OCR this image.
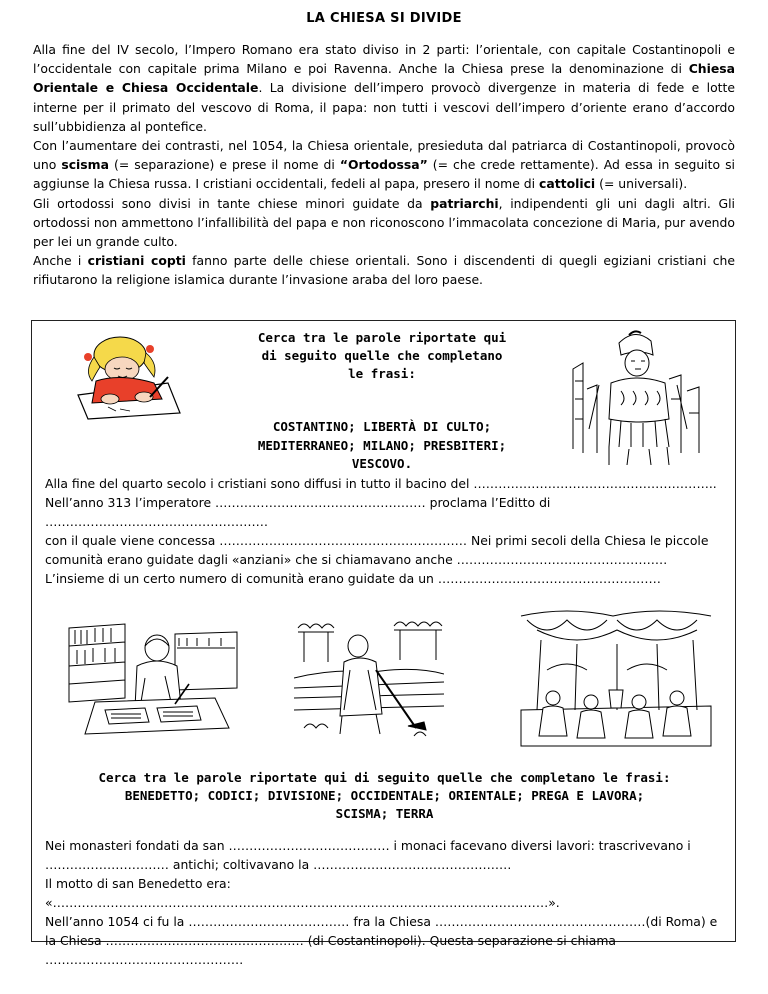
LA CHIESA SI DIVIDE

Alla fine del IV secolo, l’Impero Romano era stato diviso in 2 parti: l’orientale, con capitale Costantinopoli e l’occidentale con capitale prima Milano e poi Ravenna. Anche la Chiesa prese la denominazione di Chiesa Orientale e Chiesa Occidentale. La divisione dell’impero provocò divergenze in materia di fede e lotte interne per il primato del vescovo di Roma, il papa: non tutti i vescovi dell’impero d’oriente erano d’accordo sull’ubbidienza al pontefice.

Con l’aumentare dei contrasti, nel 1054, la Chiesa orientale, presieduta dal patriarca di Costantinopoli, provocò uno scisma (= separazione) e prese il nome di “Ortodossa” (= che crede rettamente). Ad essa in seguito si aggiunse la Chiesa russa. I cristiani occidentali, fedeli al papa, presero il nome di cattolici (= universali).

Gli ortodossi sono divisi in tante chiese minori guidate da patriarchi, indipendenti gli uni dagli altri. Gli ortodossi non ammettono l’infallibilità del papa e non riconoscono l’immacolata concezione di Maria, pur avendo per lei un grande culto.

Anche i cristiani copti fanno parte delle chiese orientali. Sono i discendenti di quegli egiziani cristiani che rifiutarono la religione islamica durante l’invasione araba del loro paese.

Cerca tra le parole riportate qui di seguito quelle che completano le frasi:
COSTANTINO; LIBERTÀ DI CULTO; MEDITERRANEO; MILANO; PRESBITERI; VESCOVO.

Alla fine del quarto secolo i cristiani sono diffusi in tutto il bacino del …………………………………………………..

Nell’anno 313 l’imperatore …………………………………………… proclama l’Editto di ………………………………………………

con il quale viene concessa …………………………………………………… Nei primi secoli della Chiesa le piccole comunità erano guidate dagli «anziani» che si chiamavano anche …………………………………………… L’insieme di un certo numero di comunità erano guidate da un ………………………………………………

Cerca tra le parole riportate qui di seguito quelle che completano le frasi:

BENEDETTO; CODICI; DIVISIONE; OCCIDENTALE; ORIENTALE; PREGA E LAVORA;

SCISMA; TERRA

Nei monasteri fondati da san ………………………………… i monaci facevano diversi lavori: trascrivevano i ………………………… antichi; coltivavano la …………………………………………

Il motto di san Benedetto era: «…………………………………………………………………………………………………………».

Nell’anno 1054 ci fu la ………………………………… fra la Chiesa ……………………………………………(di Roma) e la Chiesa ………………………………………… (di Costantinopoli). Questa separazione si chiama …………………………………………
